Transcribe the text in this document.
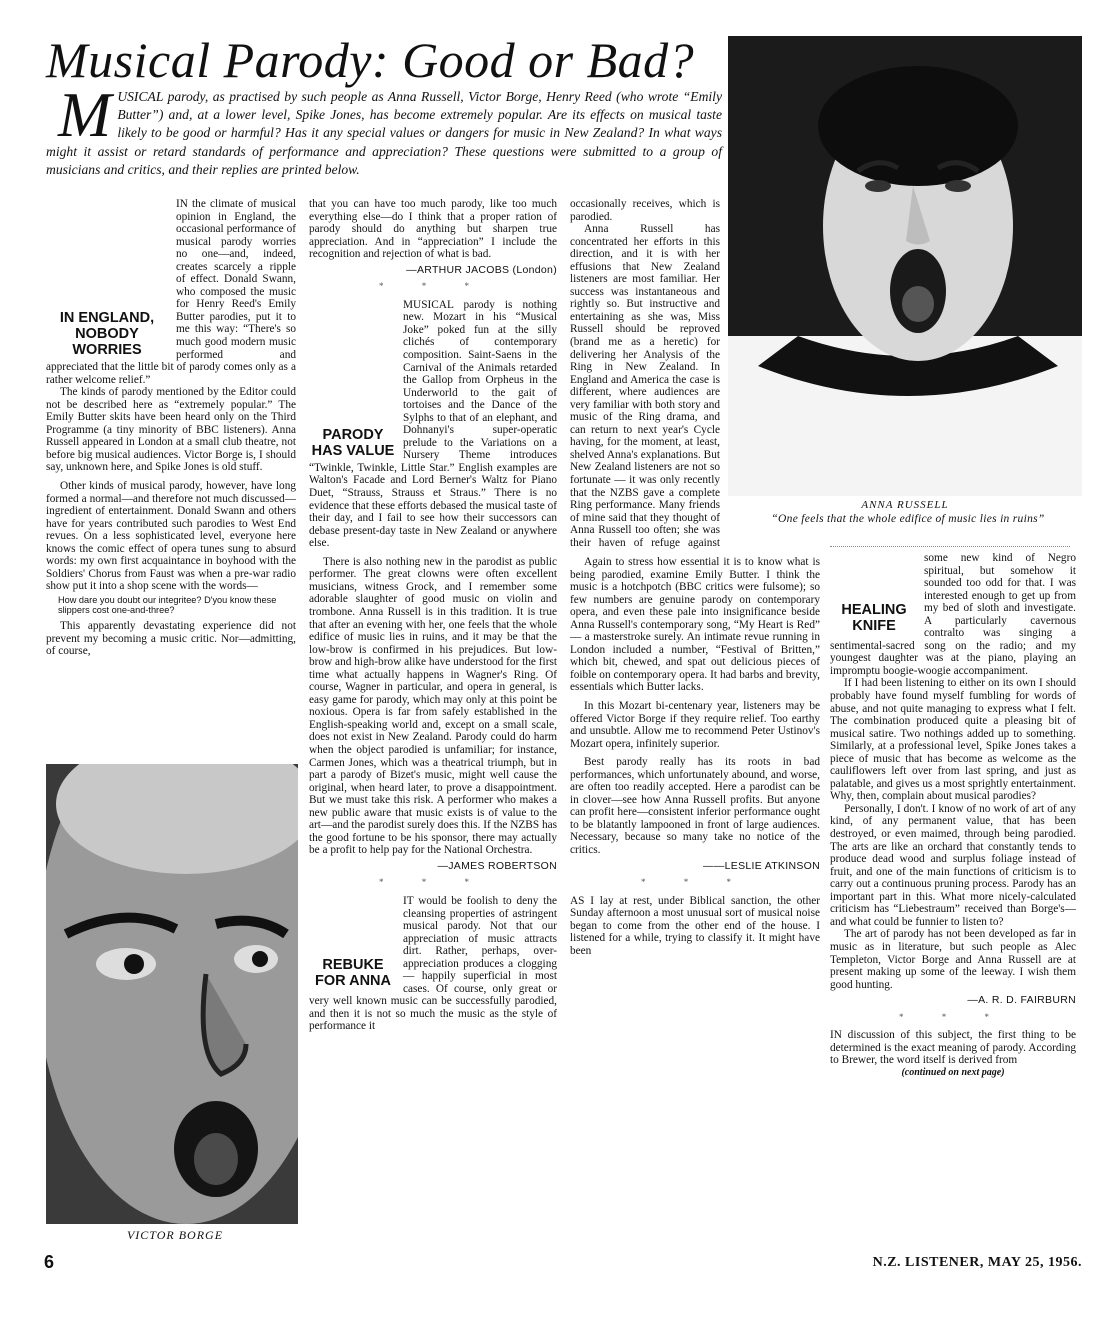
Musical Parody: Good or Bad?
MUSICAL parody, as practised by such people as Anna Russell, Victor Borge, Henry Reed (who wrote “Emily Butter”) and, at a lower level, Spike Jones, has become extremely popular. Are its effects on musical taste likely to be good or harmful? Has it any special values or dangers for music in New Zealand? In what ways might it assist or retard standards of performance and appreciation? These questions were submitted to a group of musicians and critics, and their replies are printed below.
ANNA RUSSELL
“One feels that the whole edifice of music lies in ruins”

IN ENGLAND, NOBODY WORRIES
IN the climate of musical opinion in England, the occasional performance of musical parody worries no one—and, indeed, creates scarcely a ripple of effect. Donald Swann, who composed the music for Henry Reed's Emily Butter parodies, put it to me this way: “There's so much good modern music performed and appreciated that the little bit of parody comes only as a rather welcome relief.”

The kinds of parody mentioned by the Editor could not be described here as “extremely popular.” The Emily Butter skits have been heard only on the Third Programme (a tiny minority of BBC listeners). Anna Russell appeared in London at a small club theatre, not before big musical audiences. Victor Borge is, I should say, unknown here, and Spike Jones is old stuff.

Other kinds of musical parody, however, have long formed a normal—and therefore not much discussed—ingredient of entertainment. Donald Swann and others have for years contributed such parodies to West End revues. On a less sophisticated level, everyone here knows the comic effect of opera tunes sung to absurd words: my own first acquaintance in boyhood with the Soldiers' Chorus from Faust was when a pre-war radio show put it into a shop scene with the words—

How dare you doubt our integritee? D'you know these slippers cost one-and-three?

This apparently devastating experience did not prevent my becoming a music critic. Nor—admitting, of course,

VICTOR BORGE

that you can have too much parody, like too much everything else—do I think that a proper ration of parody should do anything but sharpen true appreciation. And in “appreciation” I include the recognition and rejection of what is bad.

—ARTHUR JACOBS (London)
* * *

PARODY HAS VALUE
MUSICAL parody is nothing new. Mozart in his “Musical Joke” poked fun at the silly clichés of contemporary composition. Saint-Saens in the Carnival of the Animals retarded the Gallop from Orpheus in the Underworld to the gait of tortoises and the Dance of the Sylphs to that of an elephant, and Dohnanyi's super-operatic prelude to the Variations on a Nursery Theme introduces “Twinkle, Twinkle, Little Star.” English examples are Walton's Facade and Lord Berner's Waltz for Piano Duet, “Strauss, Strauss et Straus.” There is no evidence that these efforts debased the musical taste of their day, and I fail to see how their successors can debase present-day taste in New Zealand or anywhere else.

There is also nothing new in the parodist as public performer. The great clowns were often excellent musicians, witness Grock, and I remember some adorable slaughter of good music on violin and trombone. Anna Russell is in this tradition. It is true that after an evening with her, one feels that the whole edifice of music lies in ruins, and it may be that the low-brow is confirmed in his prejudices. But low-brow and high-brow alike have understood for the first time what actually happens in Wagner's Ring. Of course, Wagner in particular, and opera in general, is easy game for parody, which may only at this point be noxious. Opera is far from safely established in the English-speaking world and, except on a small scale, does not exist in New Zealand. Parody could do harm when the object parodied is unfamiliar; for instance, Carmen Jones, which was a theatrical triumph, but in part a parody of Bizet's music, might well cause the original, when heard later, to prove a disappointment. But we must take this risk. A performer who makes a new public aware that music exists is of value to the art—and the parodist surely does this. If the NZBS has the good fortune to be his sponsor, there may actually be a profit to help pay for the National Orchestra.

—JAMES ROBERTSON
* * *

REBUKE FOR ANNA
IT would be foolish to deny the cleansing properties of astringent musical parody. Not that our appreciation of music attracts dirt. Rather, perhaps, over-appreciation produces a clogging — happily superficial in most cases. Of course, only great or very well known music can be successfully parodied, and then it is not so much the music as the style of performance it

occasionally receives, which is parodied.

Anna Russell has concentrated her efforts in this direction, and it is with her effusions that New Zealand listeners are most familiar. Her success was instantaneous and rightly so. But instructive and entertaining as she was, Miss Russell should be reproved (brand me as a heretic) for delivering her Analysis of the Ring in New Zealand. In England and America the case is different, where audiences are very familiar with both story and music of the Ring drama, and can return to next year's Cycle having, for the moment, at least, shelved Anna's explanations. But New Zealand listeners are not so fortunate — it was only recently that the NZBS gave a complete Ring performance. Many friends of mine said that they thought of Anna Russell too often; she was their haven of refuge against

Again to stress how essential it is to know what is being parodied, examine Emily Butter. I think the music is a hotchpotch (BBC critics were fulsome); so few numbers are genuine parody on contemporary opera, and even these pale into insignificance beside Anna Russell's contemporary song, “My Heart is Red” — a masterstroke surely. An intimate revue running in London included a number, “Festival of Britten,” which bit, chewed, and spat out delicious pieces of foible on contemporary opera. It had barbs and brevity, essentials which Butter lacks.

In this Mozart bi-centenary year, listeners may be offered Victor Borge if they require relief. Too earthy and unsubtle. Allow me to recommend Peter Ustinov's Mozart opera, infinitely superior.

Best parody really has its roots in bad performances, which unfortunately abound, and worse, are often too readily accepted. Here a parodist can be in clover—see how Anna Russell profits. But anyone can profit here—consistent inferior performance ought to be blatantly lampooned in front of large audiences. Necessary, because so many take no notice of the critics.

——LESLIE ATKINSON
* * *

AS I lay at rest, under Biblical sanction, the other Sunday afternoon a most unusual sort of musical noise began to come from the other end of the house. I listened for a while, trying to classify it. It might have been

HEALING KNIFE
some new kind of Negro spiritual, but somehow it sounded too odd for that. I was interested enough to get up from my bed of sloth and investigate. A particularly cavernous contralto was singing a sentimental-sacred song on the radio; and my youngest daughter was at the piano, playing an impromptu boogie-woogie accompaniment.

If I had been listening to either on its own I should probably have found myself fumbling for words of abuse, and not quite managing to express what I felt. The combination produced quite a pleasing bit of musical satire. Two nothings added up to something. Similarly, at a professional level, Spike Jones takes a piece of music that has become as welcome as the cauliflowers left over from last spring, and just as palatable, and gives us a most sprightly entertainment. Why, then, complain about musical parodies?

Personally, I don't. I know of no work of art of any kind, of any permanent value, that has been destroyed, or even maimed, through being parodied. The arts are like an orchard that constantly tends to produce dead wood and surplus foliage instead of fruit, and one of the main functions of criticism is to carry out a continuous pruning process. Parody has an important part in this. What more nicely-calculated criticism has “Liebestraum” received than Borge's—and what could be funnier to listen to?

The art of parody has not been developed as far in music as in literature, but such people as Alec Templeton, Victor Borge and Anna Russell are at present making up some of the leeway. I wish them good hunting.

—A. R. D. FAIRBURN
* * *

IN discussion of this subject, the first thing to be determined is the exact meaning of parody. According to Brewer, the word itself is derived from

(continued on next page)
6	N.Z. LISTENER, MAY 25, 1956.
